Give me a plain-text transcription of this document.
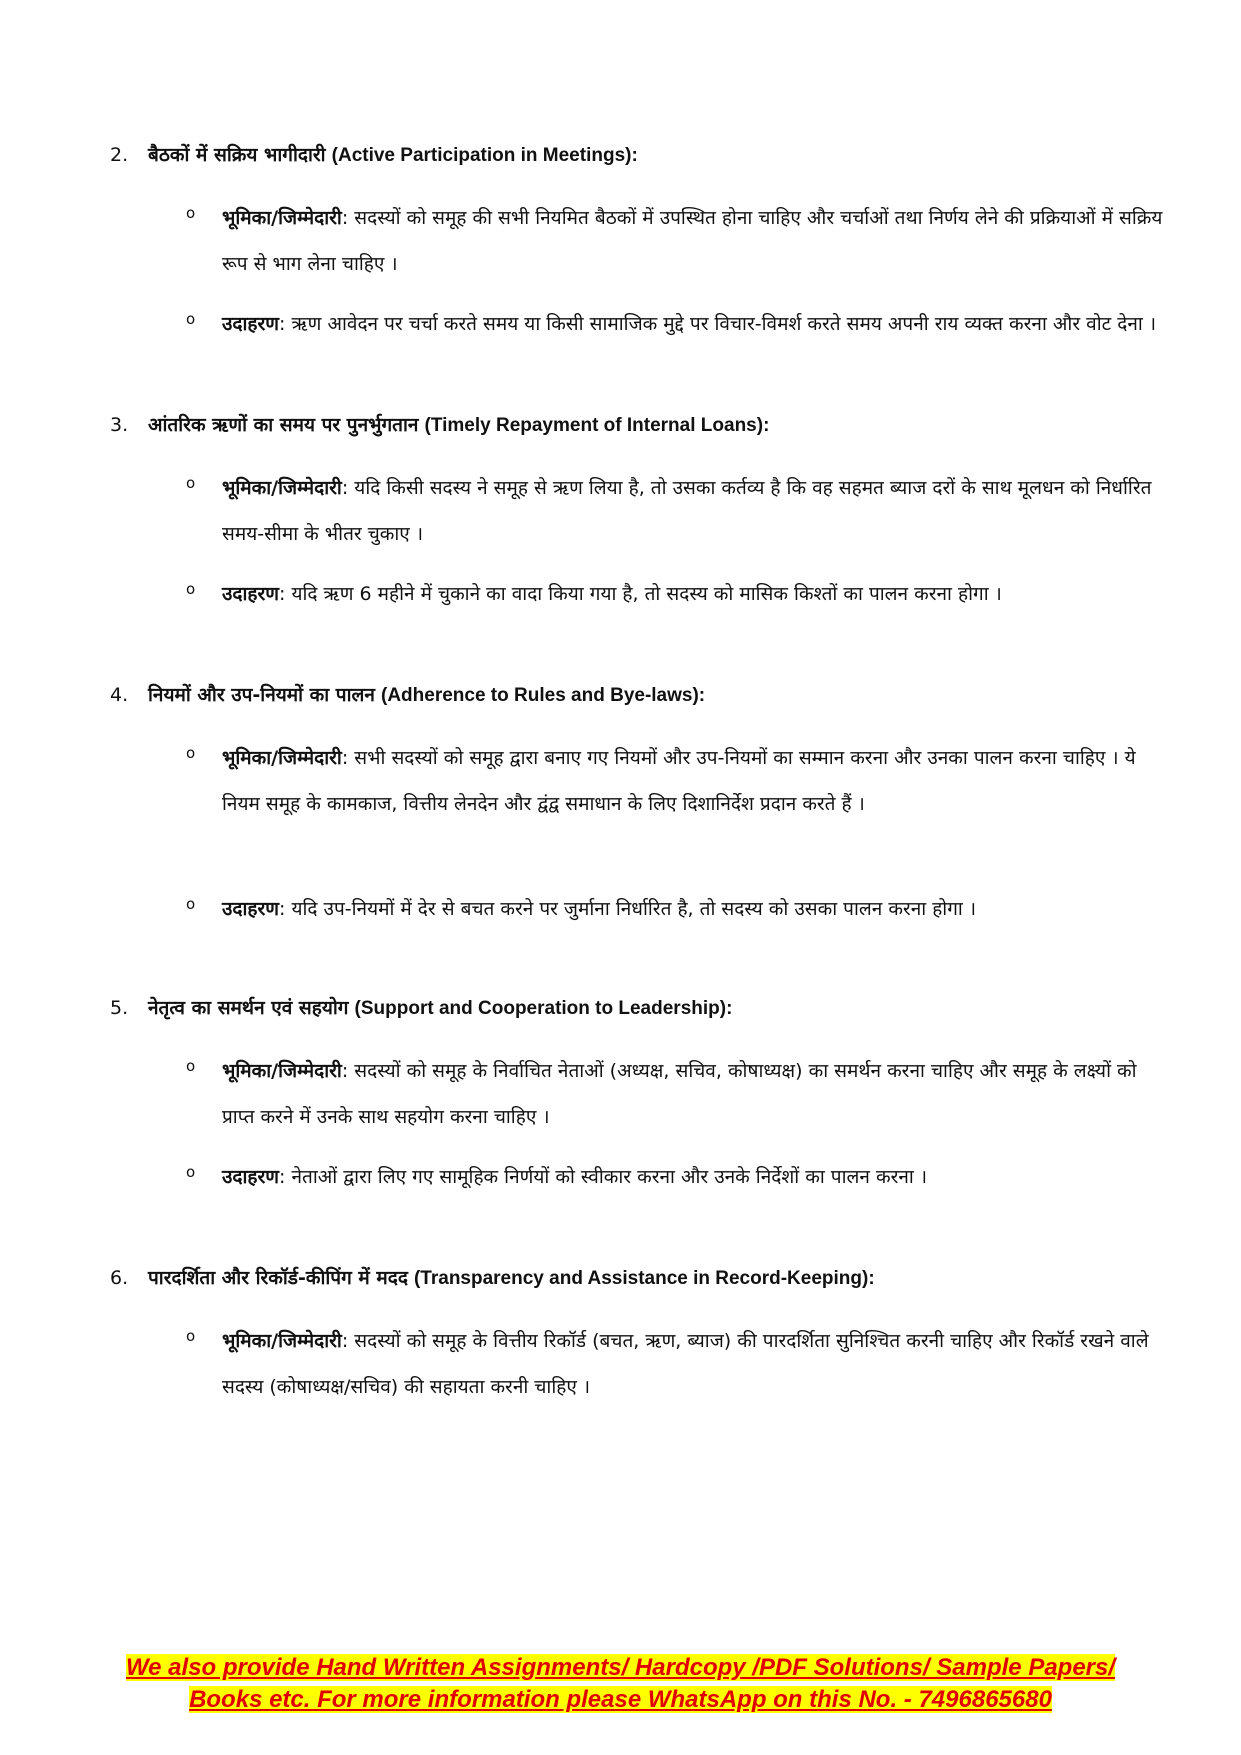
2. बैठकों में सक्रिय भागीदारी (Active Participation in Meetings):
o भूमिका/जिम्मेदारी: सदस्यों को समूह की सभी नियमित बैठकों में उपस्थित होना चाहिए और चर्चाओं तथा निर्णय लेने की प्रक्रियाओं में सक्रिय रूप से भाग लेना चाहिए ।
o उदाहरण: ऋण आवेदन पर चर्चा करते समय या किसी सामाजिक मुद्दे पर विचार-विमर्श करते समय अपनी राय व्यक्त करना और वोट देना ।
3. आंतरिक ऋणों का समय पर पुनर्भुगतान (Timely Repayment of Internal Loans):
o भूमिका/जिम्मेदारी: यदि किसी सदस्य ने समूह से ऋण लिया है, तो उसका कर्तव्य है कि वह सहमत ब्याज दरों के साथ मूलधन को निर्धारित समय-सीमा के भीतर चुकाए ।
o उदाहरण: यदि ऋण 6 महीने में चुकाने का वादा किया गया है, तो सदस्य को मासिक किश्तों का पालन करना होगा ।
4. नियमों और उप-नियमों का पालन (Adherence to Rules and Bye-laws):
o भूमिका/जिम्मेदारी: सभी सदस्यों को समूह द्वारा बनाए गए नियमों और उप-नियमों का सम्मान करना और उनका पालन करना चाहिए । ये नियम समूह के कामकाज, वित्तीय लेनदेन और द्वंद्व समाधान के लिए दिशानिर्देश प्रदान करते हैं ।
o उदाहरण: यदि उप-नियमों में देर से बचत करने पर जुर्माना निर्धारित है, तो सदस्य को उसका पालन करना होगा ।
5. नेतृत्व का समर्थन एवं सहयोग (Support and Cooperation to Leadership):
o भूमिका/जिम्मेदारी: सदस्यों को समूह के निर्वाचित नेताओं (अध्यक्ष, सचिव, कोषाध्यक्ष) का समर्थन करना चाहिए और समूह के लक्ष्यों को प्राप्त करने में उनके साथ सहयोग करना चाहिए ।
o उदाहरण: नेताओं द्वारा लिए गए सामूहिक निर्णयों को स्वीकार करना और उनके निर्देशों का पालन करना ।
6. पारदर्शिता और रिकॉर्ड-कीपिंग में मदद (Transparency and Assistance in Record-Keeping):
o भूमिका/जिम्मेदारी: सदस्यों को समूह के वित्तीय रिकॉर्ड (बचत, ऋण, ब्याज) की पारदर्शिता सुनिश्चित करनी चाहिए और रिकॉर्ड रखने वाले सदस्य (कोषाध्यक्ष/सचिव) की सहायता करनी चाहिए ।
We also provide Hand Written Assignments/ Hardcopy /PDF Solutions/ Sample Papers/
Books etc. For more information please WhatsApp on this No. - 7496865680
